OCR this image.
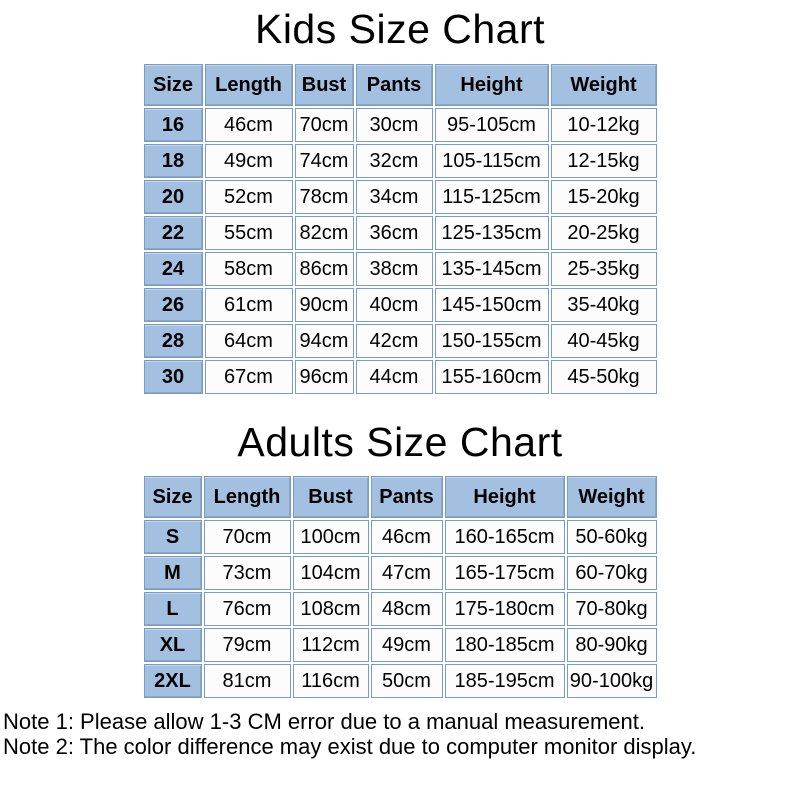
Kids Size Chart
Size	Length	Bust	Pants	Height	Weight
16	46cm	70cm	30cm	95-105cm	10-12kg
18	49cm	74cm	32cm	105-115cm	12-15kg
20	52cm	78cm	34cm	115-125cm	15-20kg
22	55cm	82cm	36cm	125-135cm	20-25kg
24	58cm	86cm	38cm	135-145cm	25-35kg
26	61cm	90cm	40cm	145-150cm	35-40kg
28	64cm	94cm	42cm	150-155cm	40-45kg
30	67cm	96cm	44cm	155-160cm	45-50kg
Adults Size Chart
Size	Length	Bust	Pants	Height	Weight
S	70cm	100cm	46cm	160-165cm	50-60kg
M	73cm	104cm	47cm	165-175cm	60-70kg
L	76cm	108cm	48cm	175-180cm	70-80kg
XL	79cm	112cm	49cm	180-185cm	80-90kg
2XL	81cm	116cm	50cm	185-195cm	90-100kg

Note 1: Please allow 1-3 CM error due to a manual measurement.

Note 2: The color difference may exist due to computer monitor display.
